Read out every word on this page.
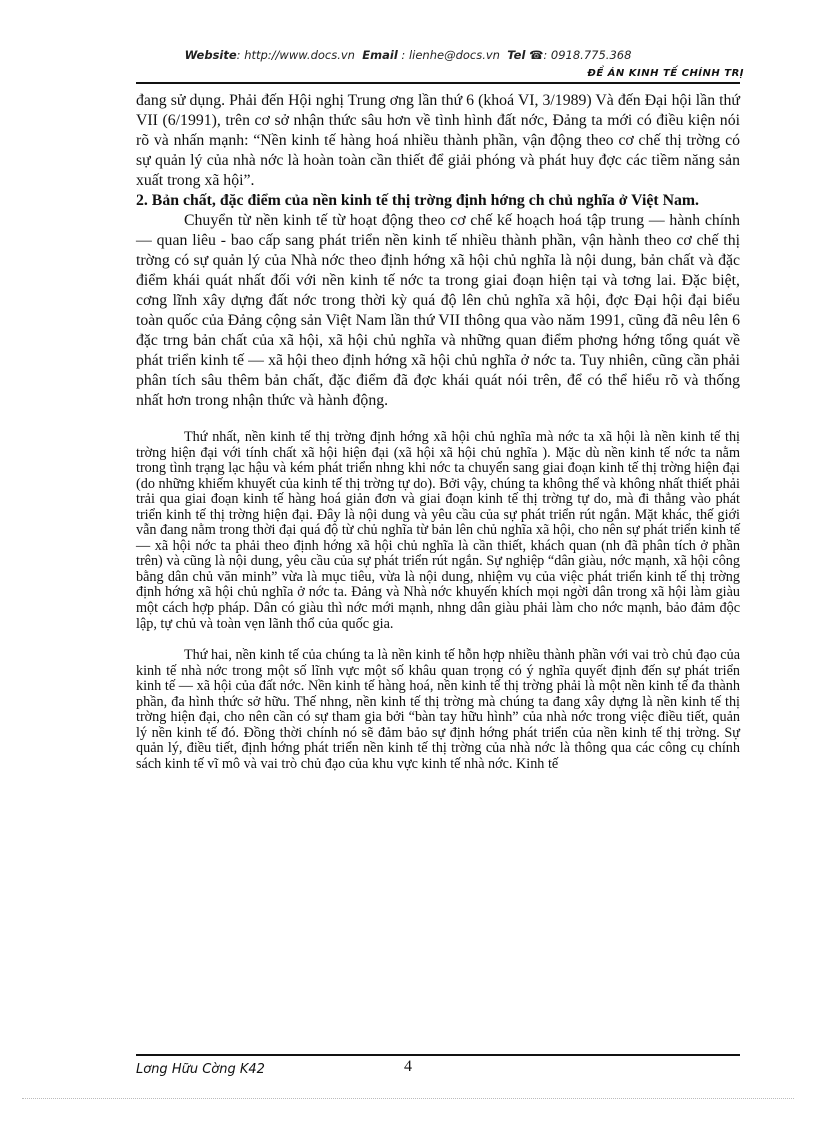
Website: http://www.docs.vn Email : lienhe@docs.vn Tel ☎: 0918.775.368
ĐỀ ÁN KINH TẾ CHÍNH TRỊ

đang sử dụng. Phải đến Hội nghị Trung ơng lần thứ 6 (khoá VI, 3/1989) Và đến Đại hội lần thứ VII (6/1991), trên cơ sở nhận thức sâu hơn về tình hình đất nớc, Đảng ta mới có điều kiện nói rõ và nhấn mạnh: “Nền kinh tế hàng hoá nhiều thành phần, vận động theo cơ chế thị trờng có sự quản lý của nhà nớc là hoàn toàn cần thiết để giải phóng và phát huy đợc các tiềm năng sản xuất trong xã hội”.

2. Bản chất, đặc điểm của nền kinh tế thị trờng định hớng ch chủ nghĩa ở Việt Nam.

Chuyển từ nền kinh tế từ hoạt động theo cơ chế kế hoạch hoá tập trung — hành chính — quan liêu - bao cấp sang phát triển nền kinh tế nhiều thành phần, vận hành theo cơ chế thị trờng có sự quản lý của Nhà nớc theo định hớng xã hội chủ nghĩa là nội dung, bản chất và đặc điểm khái quát nhất đối với nền kinh tế nớc ta trong giai đoạn hiện tại và tơng lai. Đặc biệt, cơng lĩnh xây dựng đất nớc trong thời kỳ quá độ lên chủ nghĩa xã hội, đợc Đại hội đại biểu toàn quốc của Đảng cộng sản Việt Nam lần thứ VII thông qua vào năm 1991, cũng đã nêu lên 6 đặc trng bản chất của xã hội, xã hội chủ nghĩa và những quan điểm phơng hớng tổng quát về phát triển kinh tế — xã hội theo định hớng xã hội chủ nghĩa ở nớc ta. Tuy nhiên, cũng cần phải phân tích sâu thêm bản chất, đặc điểm đã đợc khái quát nói trên, để có thể hiểu rõ và thống nhất hơn trong nhận thức và hành động.

Thứ nhất, nền kinh tế thị trờng định hớng xã hội chủ nghĩa mà nớc ta xã hội là nền kinh tế thị trờng hiện đại với tính chất xã hội hiện đại (xã hội xã hội chủ nghĩa ). Mặc dù nền kinh tế nớc ta nằm trong tình trạng lạc hậu và kém phát triển nhng khi nớc ta chuyển sang giai đoạn kinh tế thị trờng hiện đại (do những khiếm khuyết của kinh tế thị trờng tự do). Bởi vậy, chúng ta không thể và không nhất thiết phải trải qua giai đoạn kinh tế hàng hoá giản đơn và giai đoạn kinh tế thị trờng tự do, mà đi thẳng vào phát triển kinh tế thị trờng hiện đại. Đây là nội dung và yêu cầu của sự phát triển rút ngắn. Mặt khác, thế giới vẫn đang nằm trong thời đại quá độ từ chủ nghĩa từ bản lên chủ nghĩa xã hội, cho nên sự phát triển kinh tế — xã hội nớc ta phải theo định hớng xã hội chủ nghĩa là cần thiết, khách quan (nh đã phân tích ở phần trên) và cũng là nội dung, yêu cầu của sự phát triển rút ngắn. Sự nghiệp “dân giàu, nớc mạnh, xã hội công bằng dân chủ văn minh” vừa là mục tiêu, vừa là nội dung, nhiệm vụ của việc phát triển kinh tế thị trờng định hớng xã hội chủ nghĩa ở nớc ta. Đảng và Nhà nớc khuyến khích mọi ngời dân trong xã hội làm giàu một cách hợp pháp. Dân có giàu thì nớc mới mạnh, nhng dân giàu phải làm cho nớc mạnh, bảo đảm độc lập, tự chủ và toàn vẹn lãnh thổ của quốc gia.

Thứ hai, nền kinh tế của chúng ta là nền kinh tế hỗn hợp nhiều thành phần với vai trò chủ đạo của kinh tế nhà nớc trong một số lĩnh vực một số khâu quan trọng có ý nghĩa quyết định đến sự phát triển kinh tế — xã hội của đất nớc. Nền kinh tế hàng hoá, nền kinh tế thị trờng phải là một nền kinh tế đa thành phần, đa hình thức sở hữu. Thế nhng, nền kinh tế thị trờng mà chúng ta đang xây dựng là nền kinh tế thị trờng hiện đại, cho nên cần có sự tham gia bởi “bàn tay hữu hình” của nhà nớc trong việc điều tiết, quản lý nền kinh tế đó. Đồng thời chính nó sẽ đảm bảo sự định hớng phát triển của nền kinh tế thị trờng. Sự quản lý, điều tiết, định hớng phát triển nền kinh tế thị trờng của nhà nớc là thông qua các công cụ chính sách kinh tế vĩ mô và vai trò chủ đạo của khu vực kinh tế nhà nớc. Kinh tế

Lơng Hữu Cờng K42	4
